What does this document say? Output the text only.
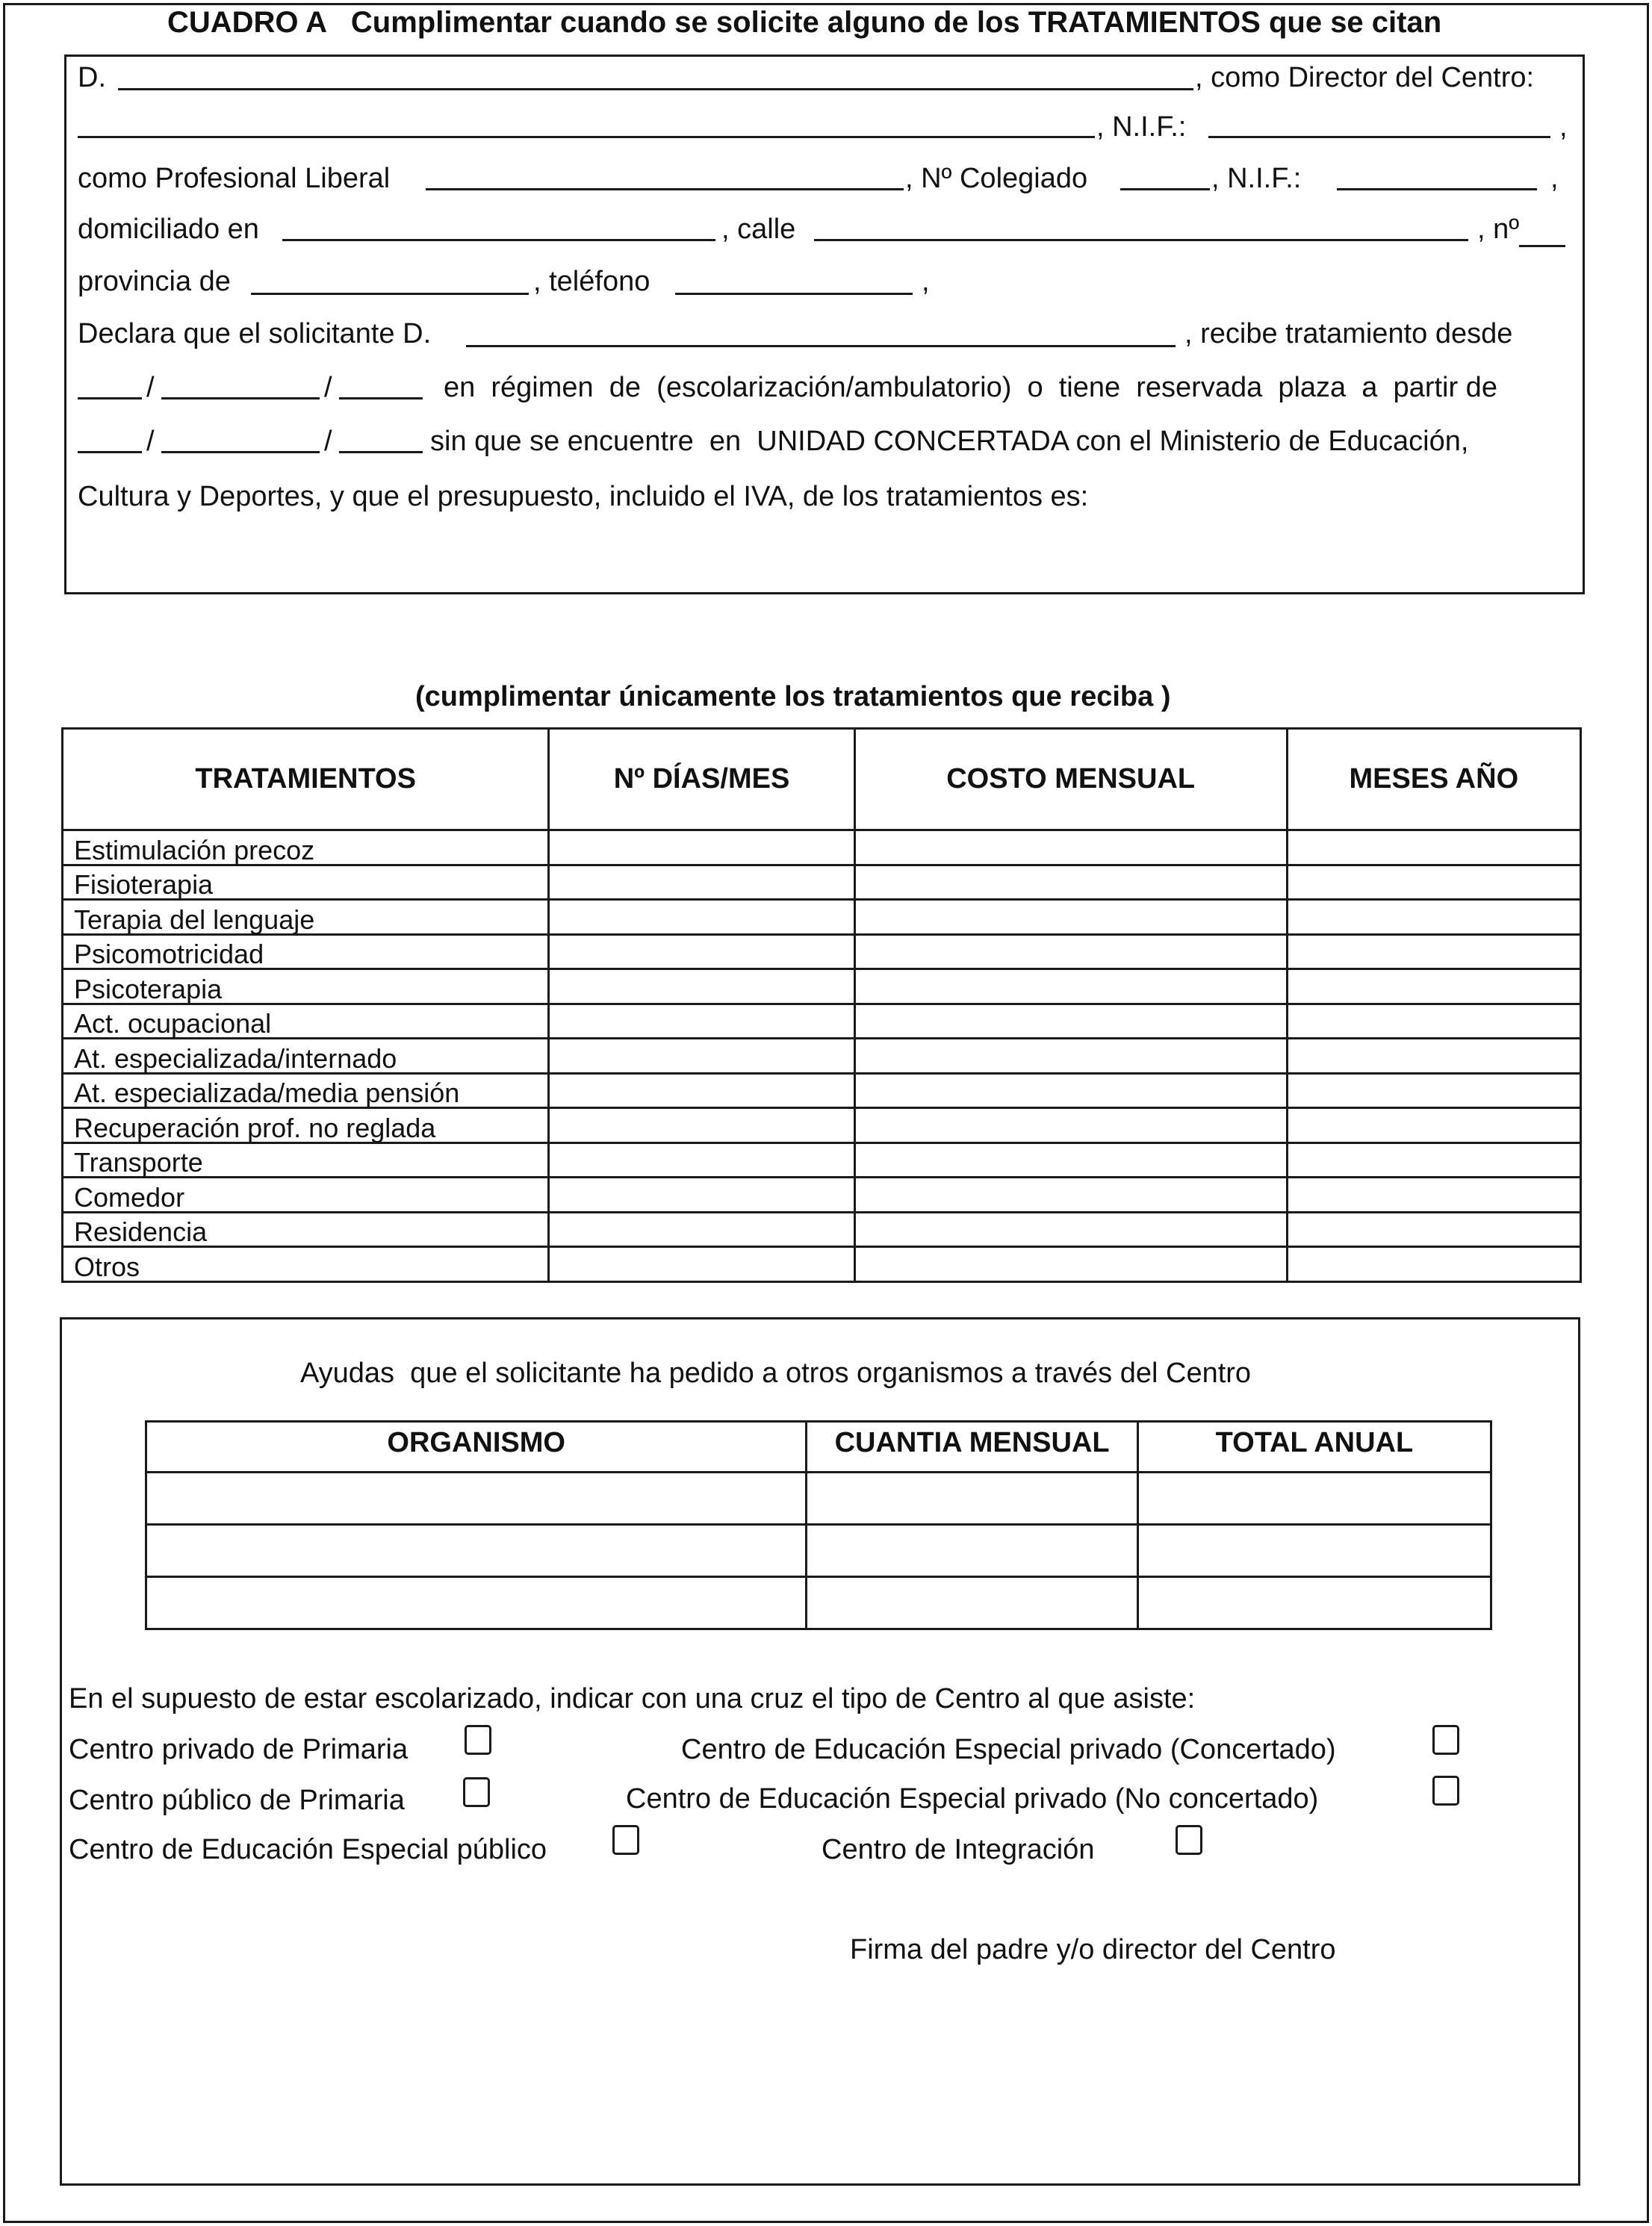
CUADRO A   Cumplimentar cuando se solicite alguno de los TRATAMIENTOS que se citan
D.	, como Director del Centro:
, N.I.F.:	,
como Profesional Liberal	, Nº Colegiado	, N.I.F.:	,
domiciliado en	, calle	, nº
provincia de	, teléfono	,
Declara que el solicitante D.	, recibe tratamiento desde
/	/	en  régimen  de  (escolarización/ambulatorio)  o  tiene  reservada  plaza  a  partir de
/	/	sin que se encuentre  en  UNIDAD CONCERTADA con el Ministerio de Educación,
Cultura y Deportes, y que el presupuesto, incluido el IVA, de los tratamientos es:
(cumplimentar únicamente los tratamientos que reciba )
TRATAMIENTOS	Nº DÍAS/MES	COSTO MENSUAL	MESES AÑO
Estimulación precoz			
Fisioterapia			
Terapia del lenguaje			
Psicomotricidad			
Psicoterapia			
Act. ocupacional			
At. especializada/internado			
At. especializada/media pensión			
Recuperación prof. no reglada			
Transporte			
Comedor			
Residencia			
Otros			
Ayudas  que el solicitante ha pedido a otros organismos a través del Centro
ORGANISMO	CUANTIA MENSUAL	TOTAL ANUAL

En el supuesto de estar escolarizado, indicar con una cruz el tipo de Centro al que asiste:
Centro privado de Primaria	Centro de Educación Especial privado (Concertado)
Centro público de Primaria	Centro de Educación Especial privado (No concertado)
Centro de Educación Especial público	Centro de Integración
Firma del padre y/o director del Centro
